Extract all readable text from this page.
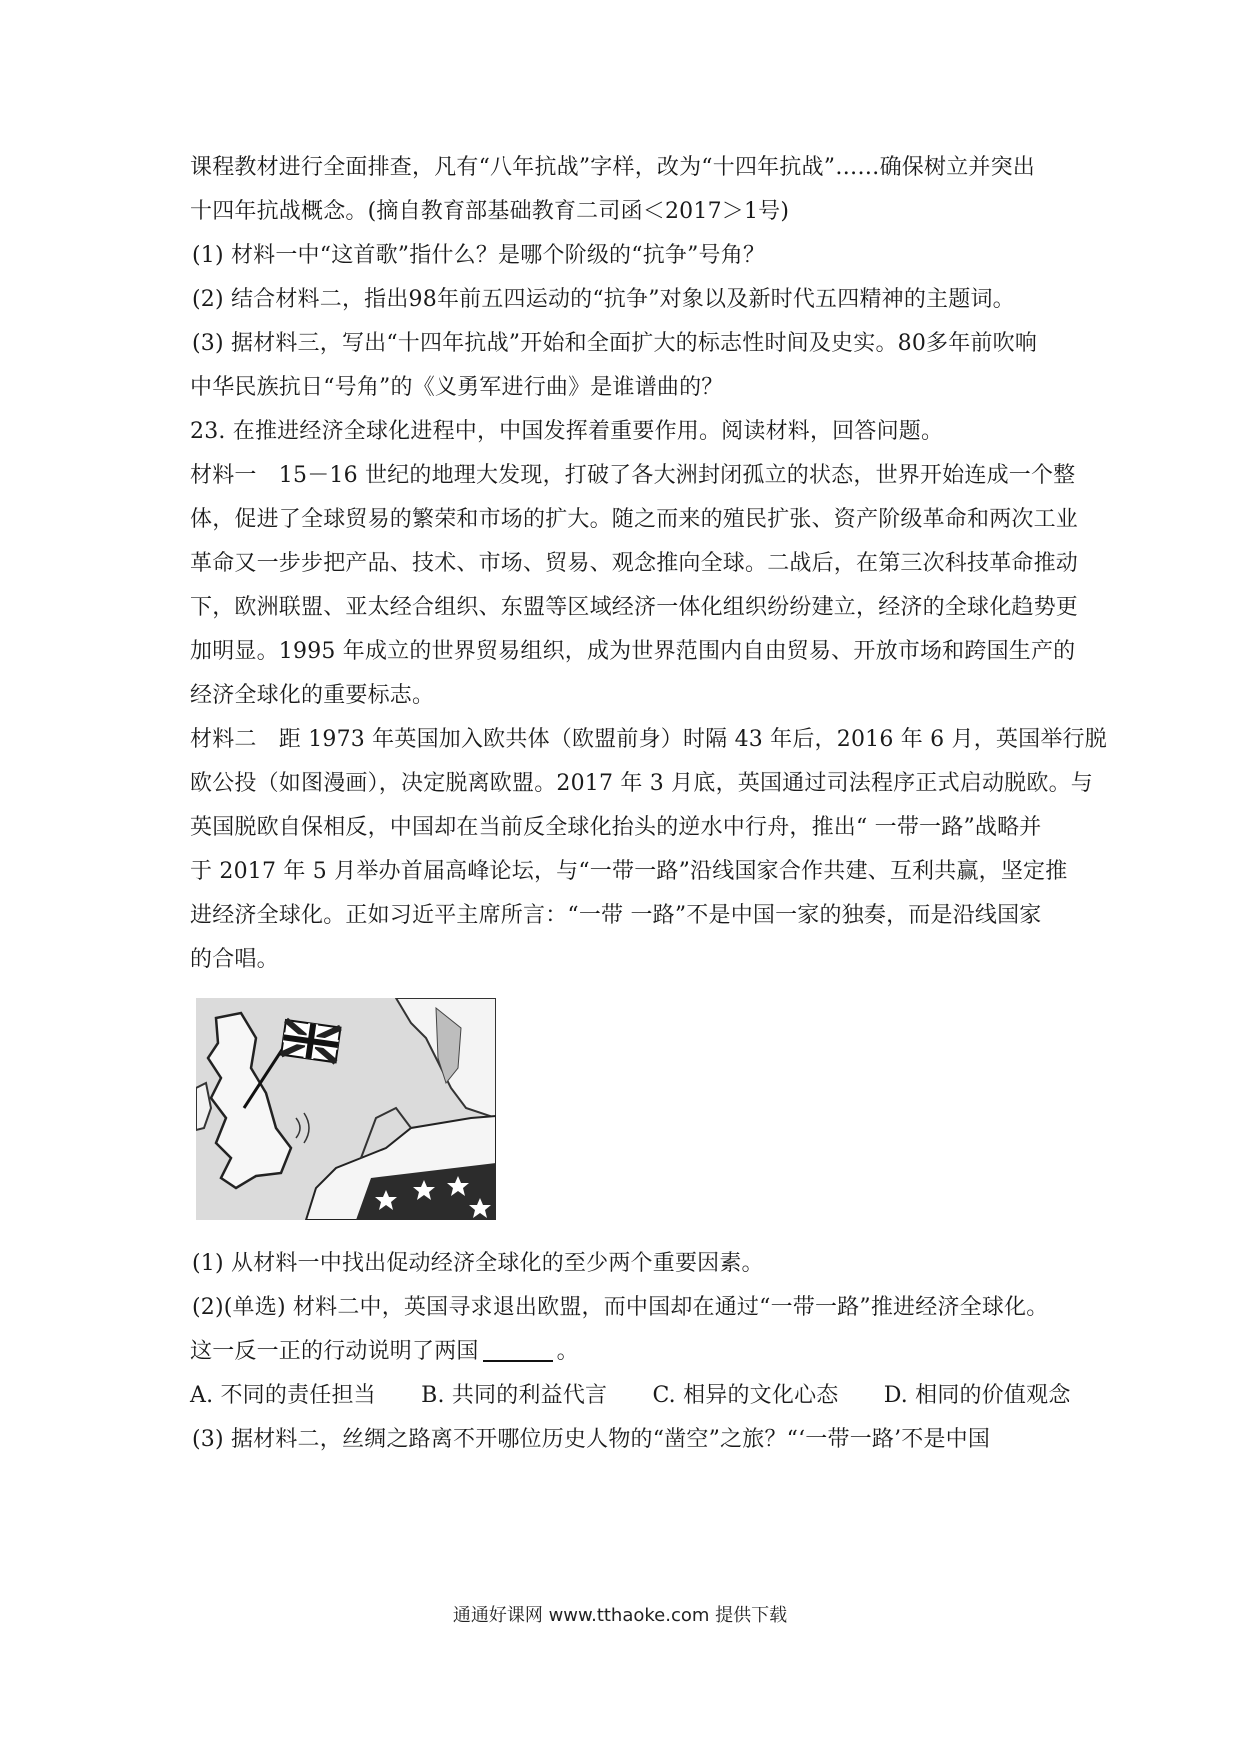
课程教材进行全面排查，凡有“八年抗战”字样，改为“十四年抗战”……确保树立并突出
十四年抗战概念。(摘自教育部基础教育二司函＜2017＞1号)
(1) 材料一中“这首歌”指什么？是哪个阶级的“抗争”号角？
(2) 结合材料二，指出98年前五四运动的“抗争”对象以及新时代五四精神的主题词。
(3) 据材料三，写出“十四年抗战”开始和全面扩大的标志性时间及史实。80多年前吹响
中华民族抗日“号角”的《义勇军进行曲》是谁谱曲的？
23. 在推进经济全球化进程中，中国发挥着重要作用。阅读材料，回答问题。
材料一　15－16 世纪的地理大发现，打破了各大洲封闭孤立的状态，世界开始连成一个整
体，促进了全球贸易的繁荣和市场的扩大。随之而来的殖民扩张、资产阶级革命和两次工业
革命又一步步把产品、技术、市场、贸易、观念推向全球。二战后，在第三次科技革命推动
下，欧洲联盟、亚太经合组织、东盟等区域经济一体化组织纷纷建立，经济的全球化趋势更
加明显。1995 年成立的世界贸易组织，成为世界范围内自由贸易、开放市场和跨国生产的
经济全球化的重要标志。
材料二　距 1973 年英国加入欧共体（欧盟前身）时隔 43 年后，2016 年 6 月，英国举行脱
欧公投（如图漫画），决定脱离欧盟。2017 年 3 月底，英国通过司法程序正式启动脱欧。与
英国脱欧自保相反，中国却在当前反全球化抬头的逆水中行舟，推出“ 一带一路”战略并
于 2017 年 5 月举办首届高峰论坛，与“一带一路”沿线国家合作共建、互利共赢，坚定推
进经济全球化。正如习近平主席所言：“一带 一路”不是中国一家的独奏，而是沿线国家
的合唱。
(1) 从材料一中找出促动经济全球化的至少两个重要因素。
(2)(单选) 材料二中，英国寻求退出欧盟，而中国却在通过“一带一路”推进经济全球化。
这一反一正的行动说明了两国	。
A. 不同的责任担当 B. 共同的利益代言 C. 相异的文化心态 D. 相同的价值观念
(3) 据材料二，丝绸之路离不开哪位历史人物的“凿空”之旅？“‘一带一路’不是中国
通通好课网 www.tthaoke.com 提供下载
